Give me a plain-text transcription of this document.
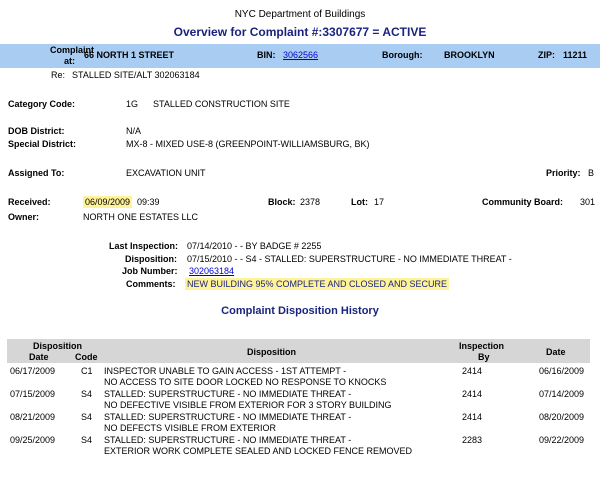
NYC Department of Buildings
Overview for Complaint #:3307677 = ACTIVE
Complaint
at:
66 NORTH 1 STREET	BIN: 3062566	Borough: BROOKLYN	ZIP: 11211
Re: STALLED SITE/ALT 302063184
Category Code:	1G STALLED CONSTRUCTION SITE
DOB District:	N/A
Special District:	MX-8 - MIXED USE-8 (GREENPOINT-WILLIAMSBURG, BK)
Assigned To:	EXCAVATION UNIT	Priority: B
Received:	06/09/2009 09:39	Block: 2378	Lot: 17	Community Board: 301
Owner:	NORTH ONE ESTATES LLC
Last Inspection: 07/14/2010 - - BY BADGE # 2255
Disposition: 07/15/2010 - - S4 - STALLED: SUPERSTRUCTURE - NO IMMEDIATE THREAT -
Job Number: 302063184
Comments: NEW BUILDING 95% COMPLETE AND CLOSED AND SECURE
Complaint Disposition History
Disposition
Date	Code	Disposition
Inspection
By	Date
06/17/2009	C1 INSPECTOR UNABLE TO GAIN ACCESS - 1ST ATTEMPT -
NO ACCESS TO SITE DOOR LOCKED NO RESPONSE TO KNOCKS
2414	06/16/2009
07/15/2009	S4 STALLED: SUPERSTRUCTURE - NO IMMEDIATE THREAT -
NO DEFECTIVE VISIBLE FROM EXTERIOR FOR 3 STORY BUILDING
2414	07/14/2009
08/21/2009	S4 STALLED: SUPERSTRUCTURE - NO IMMEDIATE THREAT -
NO DEFECTS VISIBLE FROM EXTERIOR
2414	08/20/2009
09/25/2009	S4 STALLED: SUPERSTRUCTURE - NO IMMEDIATE THREAT -
EXTERIOR WORK COMPLETE SEALED AND LOCKED FENCE REMOVED
2283	09/22/2009
